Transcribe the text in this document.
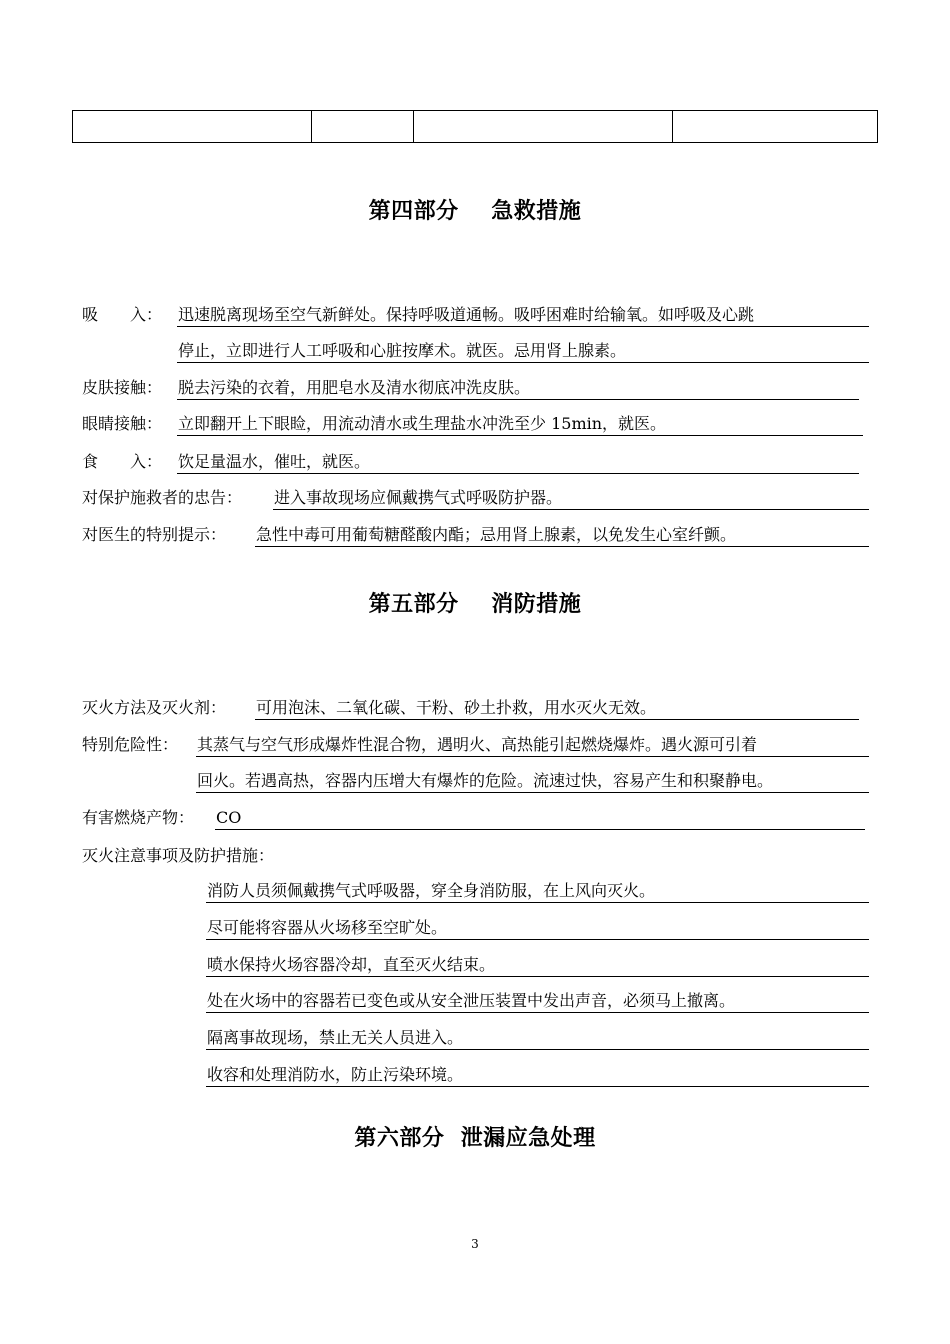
第四部分    急救措施
吸　　入： 迅速脱离现场至空气新鲜处。保持呼吸道通畅。吸呼困难时给输氧。如呼吸及心跳
停止，立即进行人工呼吸和心脏按摩术。就医。忌用肾上腺素。
皮肤接触： 脱去污染的衣着，用肥皂水及清水彻底冲洗皮肤。
眼睛接触： 立即翻开上下眼睑，用流动清水或生理盐水冲洗至少 15min，就医。
食　　入： 饮足量温水，催吐，就医。
对保护施救者的忠告： 进入事故现场应佩戴携气式呼吸防护器。
对医生的特别提示： 急性中毒可用葡萄糖醛酸内酯；忌用肾上腺素，以免发生心室纤颤。
第五部分    消防措施
灭火方法及灭火剂： 可用泡沫、二氧化碳、干粉、砂土扑救，用水灭火无效。
特别危险性： 其蒸气与空气形成爆炸性混合物，遇明火、高热能引起燃烧爆炸。遇火源可引着
回火。若遇高热，容器内压增大有爆炸的危险。流速过快，容易产生和积聚静电。
有害燃烧产物： CO
灭火注意事项及防护措施：
消防人员须佩戴携气式呼吸器，穿全身消防服，在上风向灭火。
尽可能将容器从火场移至空旷处。
喷水保持火场容器冷却，直至灭火结束。
处在火场中的容器若已变色或从安全泄压装置中发出声音，必须马上撤离。
隔离事故现场，禁止无关人员进入。
收容和处理消防水，防止污染环境。
第六部分  泄漏应急处理
3
